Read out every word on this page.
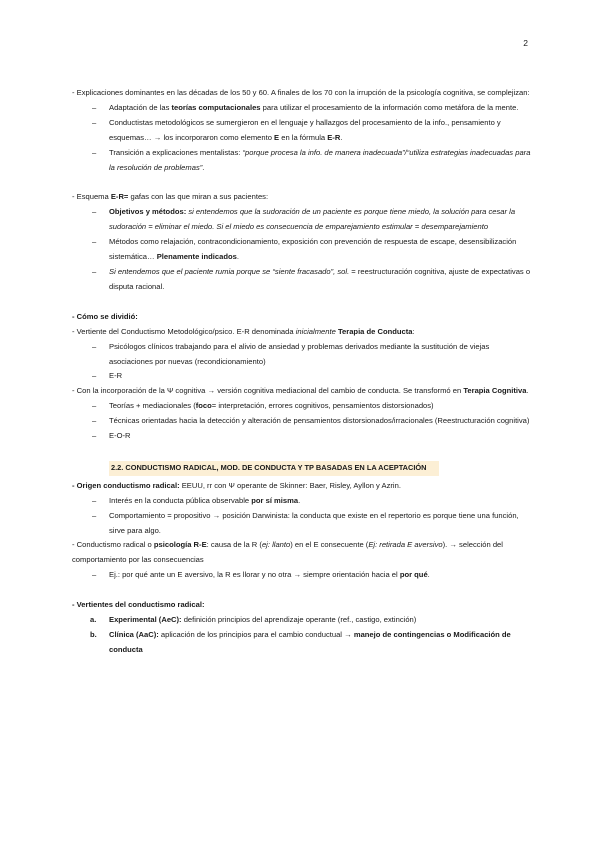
2

- Explicaciones dominantes en las décadas de los 50 y 60. A finales de los 70 con la irrupción de la psicología cognitiva, se complejizan:

– Adaptación de las teorías computacionales para utilizar el procesamiento de la información como metáfora de la mente.
– Conductistas metodológicos se sumergieron en el lenguaje y hallazgos del procesamiento de la info., pensamiento y esquemas… → los incorporaron como elemento E en la fórmula E-R.
– Transición a explicaciones mentalistas: “porque procesa la info. de manera inadecuada”/“utiliza estrategias inadecuadas para la resolución de problemas”.

- Esquema E-R= gafas con las que miran a sus pacientes:

– Objetivos y métodos: si entendemos que la sudoración de un paciente es porque tiene miedo, la solución para cesar la sudoración = eliminar el miedo. Si el miedo es consecuencia de emparejamiento estimular = desemparejamiento
– Métodos como relajación, contracondicionamiento, exposición con prevención de respuesta de escape, desensibilización sistemática… Plenamente indicados.
– Si entendemos que el paciente rumia porque se “siente fracasado”, sol. = reestructuración cognitiva, ajuste de expectativas o disputa racional.

- Cómo se dividió:

- Vertiente del Conductismo Metodológico/psico. E-R denominada inicialmente Terapia de Conducta:

– Psicólogos clínicos trabajando para el alivio de ansiedad y problemas derivados mediante la sustitución de viejas asociaciones por nuevas (recondicionamiento)
– E-R

- Con la incorporación de la Ψ cognitiva → versión cognitiva mediacional del cambio de conducta. Se transformó en Terapia Cognitiva.

– Teorías + mediacionales (foco= interpretación, errores cognitivos, pensamientos distorsionados)
– Técnicas orientadas hacia la detección y alteración de pensamientos distorsionados/irracionales (Reestructuración cognitiva)
– E-O-R
2.2. CONDUCTISMO RADICAL, MOD. DE CONDUCTA Y TP BASADAS EN LA ACEPTACIÓN

- Origen conductismo radical: EEUU, rr con Ψ operante de Skinner: Baer, Risley, Ayllon y Azrin.

– Interés en la conducta pública observable por sí misma.
– Comportamiento = propositivo → posición Darwinista: la conducta que existe en el repertorio es porque tiene una función, sirve para algo.

- Conductismo radical o psicología R-E: causa de la R (ej: llanto) en el E consecuente (Ej: retirada E aversivo). → selección del comportamiento por las consecuencias

– Ej.: por qué ante un E aversivo, la R es llorar y no otra → siempre orientación hacia el por qué.

- Vertientes del conductismo radical:

a. Experimental (AeC): definición principios del aprendizaje operante (ref., castigo, extinción)
b. Clínica (AaC): aplicación de los principios para el cambio conductual → manejo de contingencias o Modificación de conducta
